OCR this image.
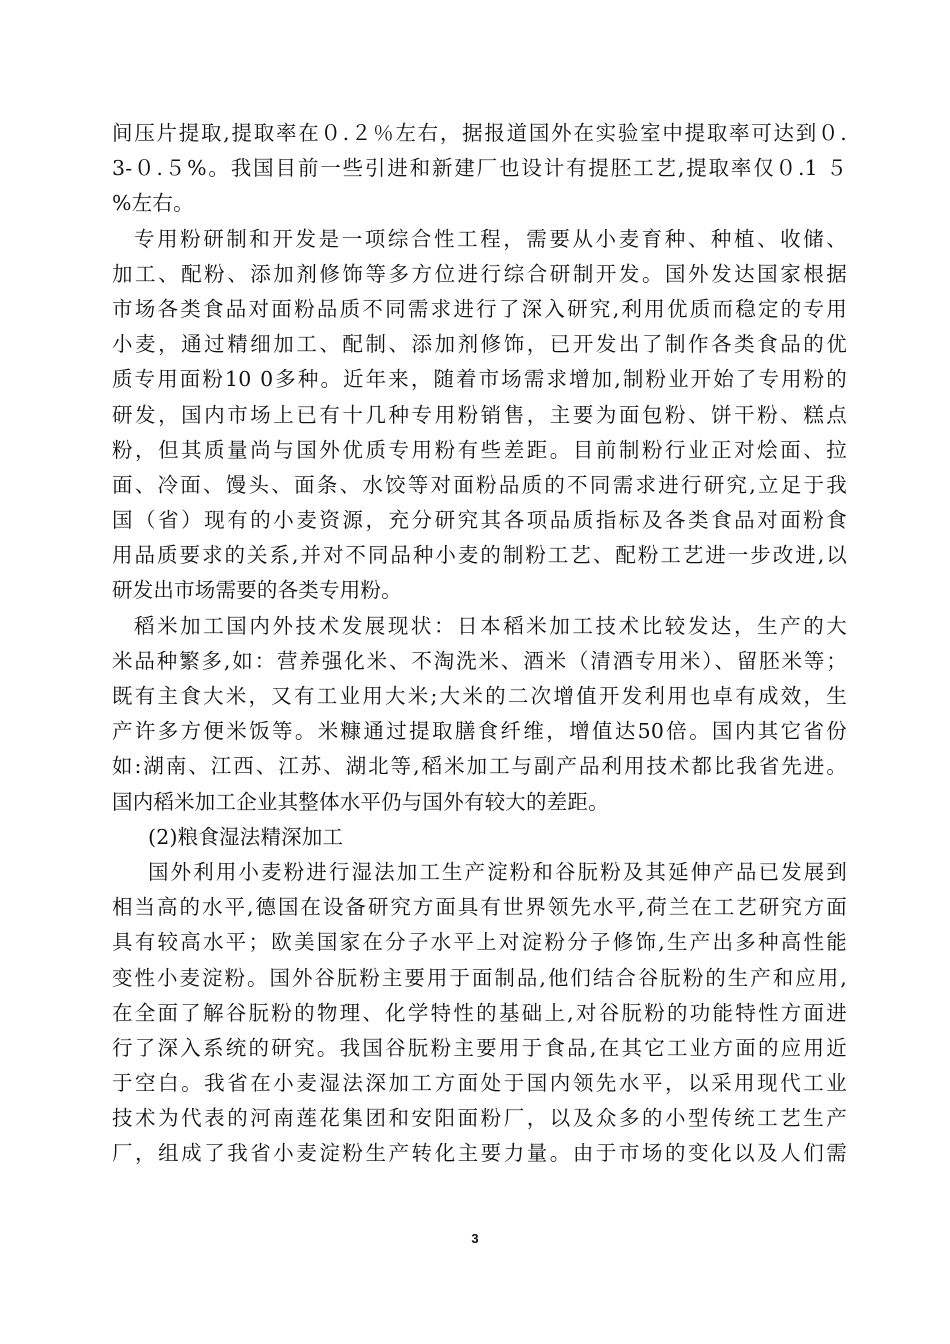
间压片提取,提取率在０.２％左右，据报道国外在实验室中提取率可达到０.
3-０.５%。我国目前一些引进和新建厂也设计有提胚工艺,提取率仅０.1 ５
%左右。
专用粉研制和开发是一项综合性工程，需要从小麦育种、种植、收储、
加工、配粉、添加剂修饰等多方位进行综合研制开发。国外发达国家根据
市场各类食品对面粉品质不同需求进行了深入研究,利用优质而稳定的专用
小麦，通过精细加工、配制、添加剂修饰，已开发出了制作各类食品的优
质专用面粉10 0多种。近年来，随着市场需求增加,制粉业开始了专用粉的
研发，国内市场上已有十几种专用粉销售，主要为面包粉、饼干粉、糕点
粉，但其质量尚与国外优质专用粉有些差距。目前制粉行业正对烩面、拉
面、冷面、馒头、面条、水饺等对面粉品质的不同需求进行研究,立足于我
国（省）现有的小麦资源，充分研究其各项品质指标及各类食品对面粉食
用品质要求的关系,并对不同品种小麦的制粉工艺、配粉工艺进一步改进,以
研发出市场需要的各类专用粉。
稻米加工国内外技术发展现状：日本稻米加工技术比较发达，生产的大
米品种繁多,如：营养强化米、不淘洗米、酒米（清酒专用米）、留胚米等；
既有主食大米，又有工业用大米;大米的二次增值开发利用也卓有成效，生
产许多方便米饭等。米糠通过提取膳食纤维，增值达50倍。国内其它省份
如:湖南、江西、江苏、湖北等,稻米加工与副产品利用技术都比我省先进。
国内稻米加工企业其整体水平仍与国外有较大的差距。
(2)粮食湿法精深加工
国外利用小麦粉进行湿法加工生产淀粉和谷朊粉及其延伸产品已发展到
相当高的水平,德国在设备研究方面具有世界领先水平,荷兰在工艺研究方面
具有较高水平；欧美国家在分子水平上对淀粉分子修饰,生产出多种高性能
变性小麦淀粉。国外谷朊粉主要用于面制品,他们结合谷朊粉的生产和应用,
在全面了解谷朊粉的物理、化学特性的基础上,对谷朊粉的功能特性方面进
行了深入系统的研究。我国谷朊粉主要用于食品,在其它工业方面的应用近
于空白。我省在小麦湿法深加工方面处于国内领先水平，以采用现代工业
技术为代表的河南莲花集团和安阳面粉厂，以及众多的小型传统工艺生产
厂，组成了我省小麦淀粉生产转化主要力量。由于市场的变化以及人们需
3
